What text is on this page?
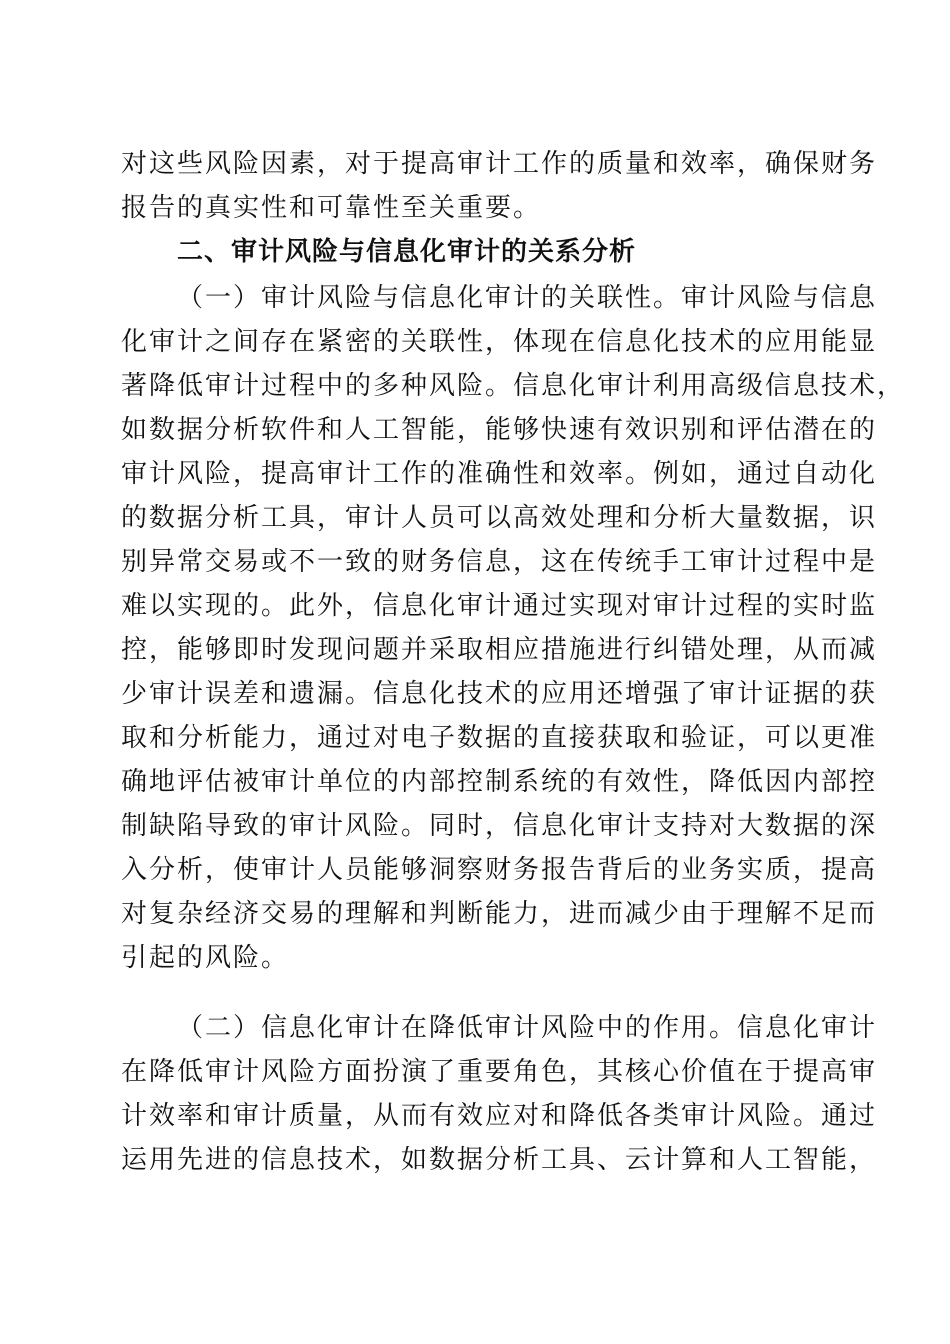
对这些风险因素，对于提高审计工作的质量和效率，确保财务
报告的真实性和可靠性至关重要。
二、审计风险与信息化审计的关系分析
（一）审计风险与信息化审计的关联性。审计风险与信息
化审计之间存在紧密的关联性，体现在信息化技术的应用能显
著降低审计过程中的多种风险。信息化审计利用高级信息技术，
如数据分析软件和人工智能，能够快速有效识别和评估潜在的
审计风险，提高审计工作的准确性和效率。例如，通过自动化
的数据分析工具，审计人员可以高效处理和分析大量数据，识
别异常交易或不一致的财务信息，这在传统手工审计过程中是
难以实现的。此外，信息化审计通过实现对审计过程的实时监
控，能够即时发现问题并采取相应措施进行纠错处理，从而减
少审计误差和遗漏。信息化技术的应用还增强了审计证据的获
取和分析能力，通过对电子数据的直接获取和验证，可以更准
确地评估被审计单位的内部控制系统的有效性，降低因内部控
制缺陷导致的审计风险。同时，信息化审计支持对大数据的深
入分析，使审计人员能够洞察财务报告背后的业务实质，提高
对复杂经济交易的理解和判断能力，进而减少由于理解不足而
引起的风险。
（二）信息化审计在降低审计风险中的作用。信息化审计
在降低审计风险方面扮演了重要角色，其核心价值在于提高审
计效率和审计质量，从而有效应对和降低各类审计风险。通过
运用先进的信息技术，如数据分析工具、云计算和人工智能，
